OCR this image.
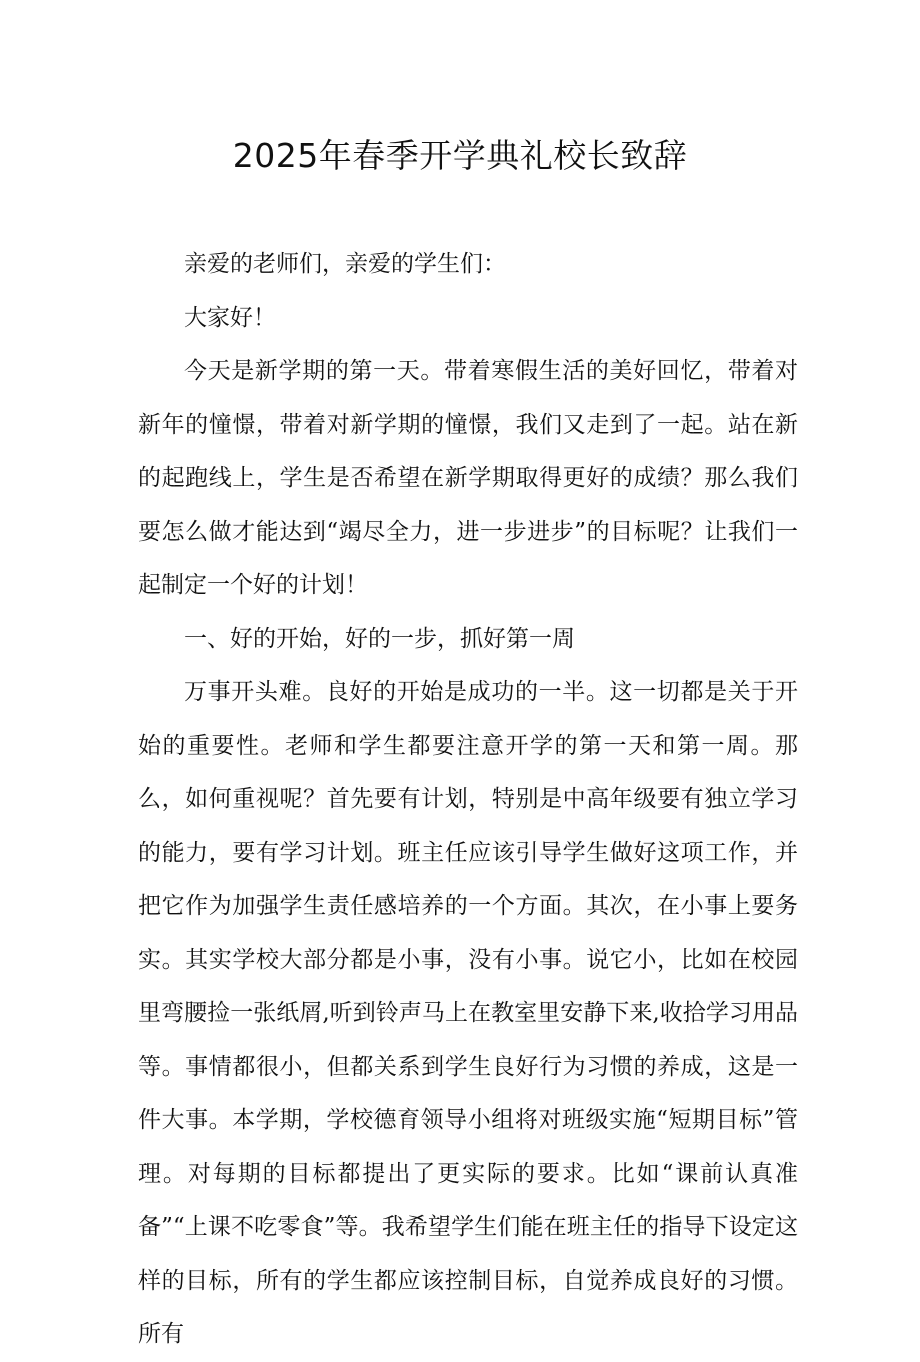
2025年春季开学典礼校长致辞

亲爱的老师们，亲爱的学生们：

大家好！

今天是新学期的第一天。带着寒假生活的美好回忆，带着对新年的憧憬，带着对新学期的憧憬，我们又走到了一起。站在新的起跑线上，学生是否希望在新学期取得更好的成绩？那么我们要怎么做才能达到“竭尽全力，进一步进步”的目标呢？让我们一起制定一个好的计划！

一、好的开始，好的一步，抓好第一周

万事开头难。良好的开始是成功的一半。这一切都是关于开始的重要性。老师和学生都要注意开学的第一天和第一周。那么，如何重视呢？首先要有计划，特别是中高年级要有独立学习的能力，要有学习计划。班主任应该引导学生做好这项工作，并把它作为加强学生责任感培养的一个方面。其次，在小事上要务实。其实学校大部分都是小事，没有小事。说它小，比如在校园里弯腰捡一张纸屑,听到铃声马上在教室里安静下来,收拾学习用品等。事情都很小，但都关系到学生良好行为习惯的养成，这是一件大事。本学期，学校德育领导小组将对班级实施“短期目标”管理。对每期的目标都提出了更实际的要求。比如“课前认真准备”“上课不吃零食”等。我希望学生们能在班主任的指导下设定这样的目标，所有的学生都应该控制目标，自觉养成良好的习惯。所有
